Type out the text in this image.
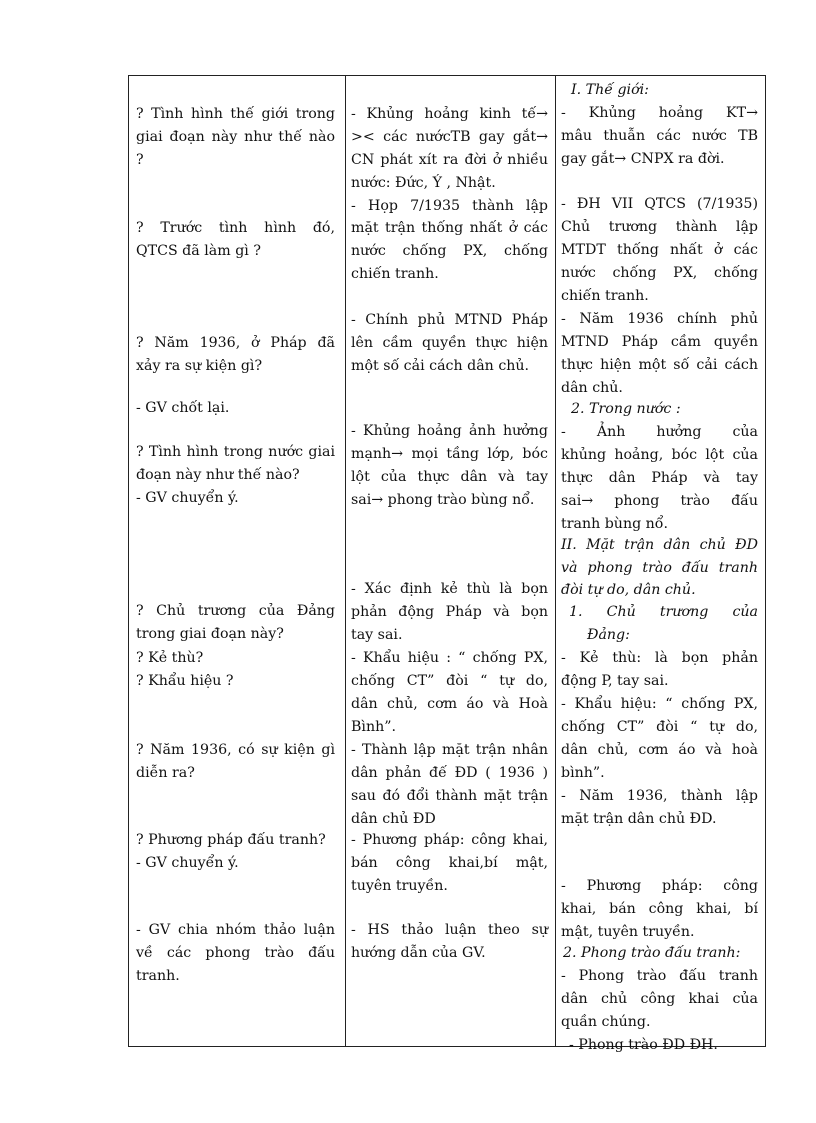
? Tình hình thế giới trong
giai đoạn này như thế nào
?
? Trước tình hình đó,
QTCS đã làm gì ?
? Năm 1936, ở Pháp đã
xảy ra sự kiện gì?
- GV chốt lại.
? Tình hình trong nước giai
đoạn này như thế nào?
- GV chuyển ý.
? Chủ trương của Đảng
trong giai đoạn này?
? Kẻ thù?
? Khẩu hiệu ?
? Năm 1936, có sự kiện gì
diễn ra?
? Phương pháp đấu tranh?
- GV chuyển ý.
- GV chia nhóm thảo luận
về các phong trào đấu
tranh.
- Khủng hoảng kinh tế→
>< các nướcTB gay gắt→
CN phát xít ra đời ở nhiều
nước: Đức, Ý , Nhật.
- Họp 7/1935 thành lập
mặt trận thống nhất ở các
nước chống PX, chống
chiến tranh.
- Chính phủ MTND Pháp
lên cầm quyền thực hiện
một số cải cách dân chủ.
- Khủng hoảng ảnh hưởng
mạnh→ mọi tầng lớp, bóc
lột của thực dân và tay
sai→ phong trào bùng nổ.
- Xác định kẻ thù là bọn
phản động Pháp và bọn
tay sai.
- Khẩu hiệu : “ chống PX,
chống CT” đòi “ tự do,
dân chủ, cơm áo và Hoà
Bình”.
- Thành lập mặt trận nhân
dân phản đế ĐD ( 1936 )
sau đó đổi thành mặt trận
dân chủ ĐD
- Phương pháp: công khai,
bán công khai,bí mật,
tuyên truyền.
- HS thảo luận theo sự
hướng dẫn của GV.
I. Thế giới:
- Khủng hoảng KT→
mâu thuẫn các nước TB
gay gắt→ CNPX ra đời.
- ĐH VII QTCS (7/1935)
Chủ trương thành lập
MTDT thống nhất ở các
nước chống PX, chống
chiến tranh.
- Năm 1936 chính phủ
MTND Pháp cầm quyền
thực hiện một số cải cách
dân chủ.
2. Trong nước :
- Ảnh hưởng của
khủng hoảng, bóc lột của
thực dân Pháp và tay
sai→ phong trào đấu
tranh bùng nổ.
II. Mặt trận dân chủ ĐD
và phong trào đấu tranh
đòi tự do, dân chủ.
1. Chủ trương của
Đảng:
- Kẻ thù: là bọn phản
động P, tay sai.
- Khẩu hiệu: “ chống PX,
chống CT” đòi “ tự do,
dân chủ, cơm áo và hoà
bình”.
- Năm 1936, thành lập
mặt trận dân chủ ĐD.
- Phương pháp: công
khai, bán công khai, bí
mật, tuyên truyền.
2. Phong trào đấu tranh:
- Phong trào đấu tranh
dân chủ công khai của
quần chúng.
- Phong trào ĐD ĐH.
